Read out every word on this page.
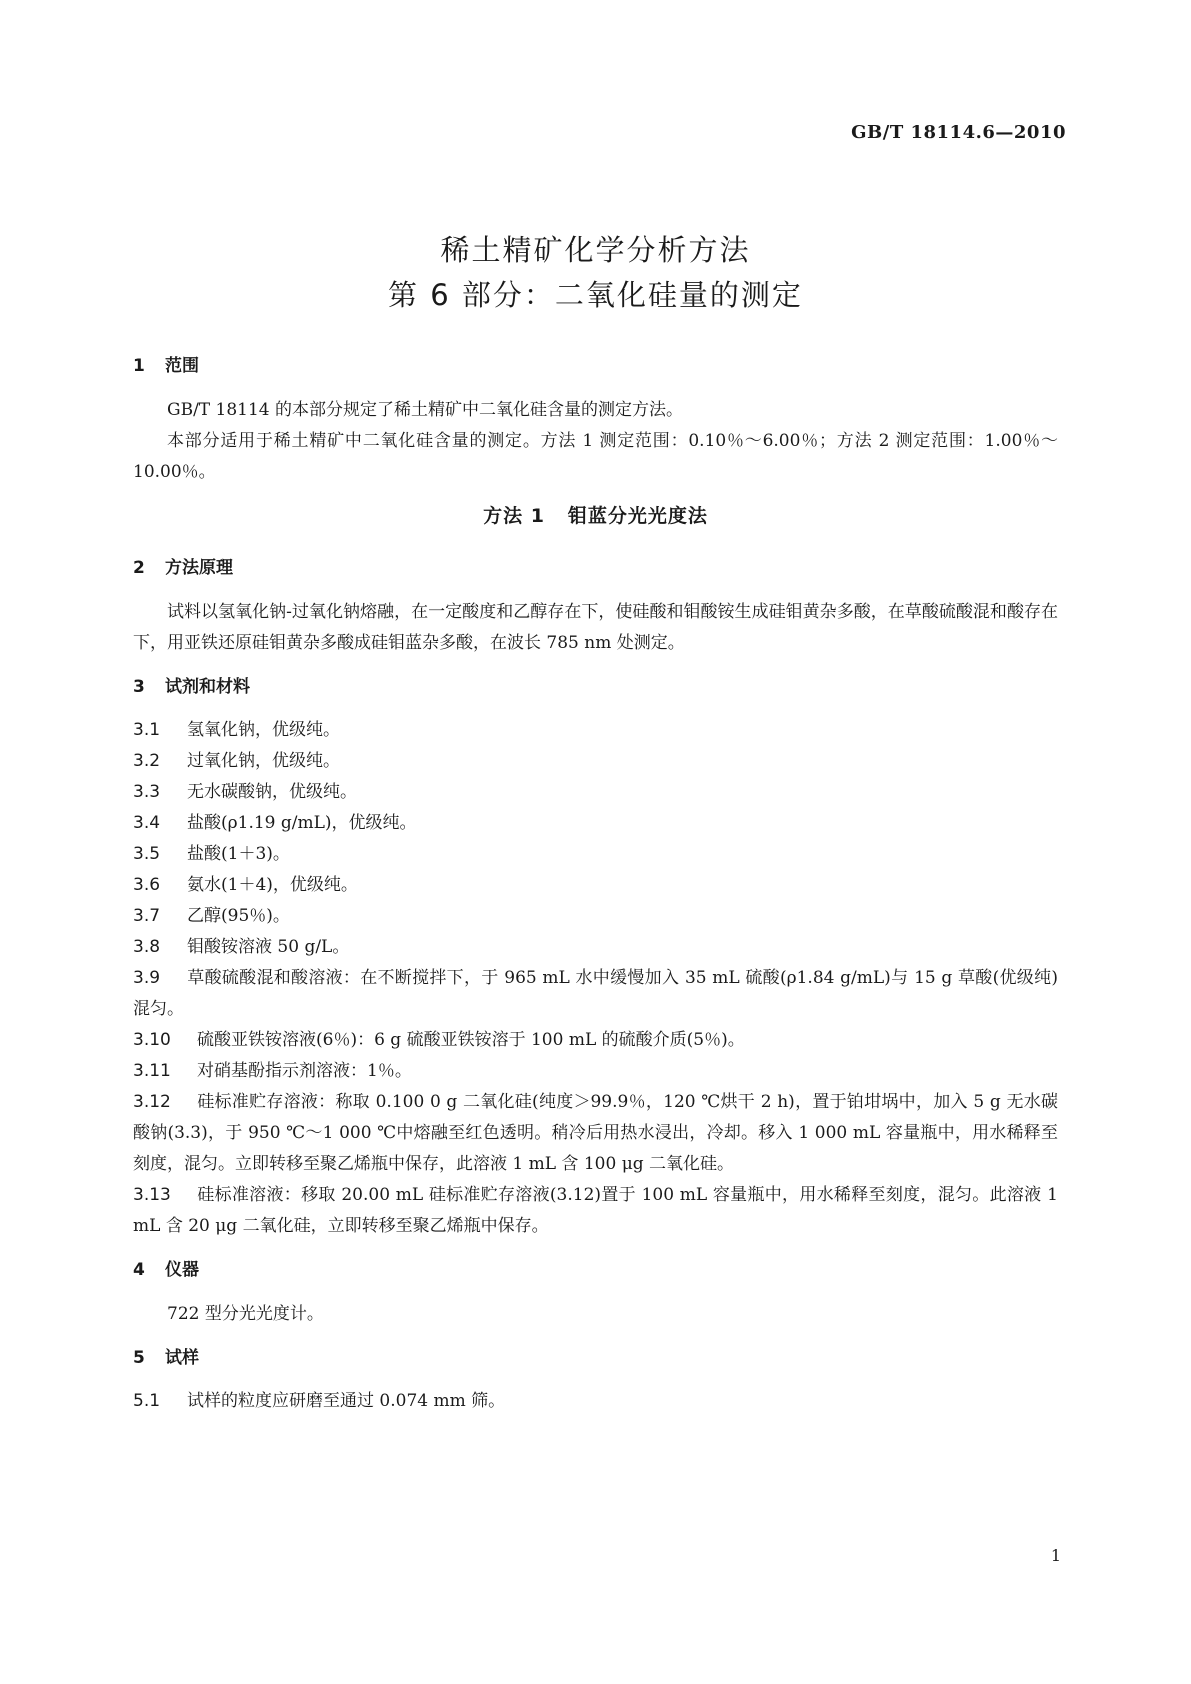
GB/T 18114.6—2010
稀土精矿化学分析方法
第 6 部分：二氧化硅量的测定

1 范围

GB/T 18114 的本部分规定了稀土精矿中二氧化硅含量的测定方法。

本部分适用于稀土精矿中二氧化硅含量的测定。方法 1 测定范围：0.10％～6.00％；方法 2 测定范围：1.00％～10.00％。

方法 1   钼蓝分光光度法

2 方法原理

试料以氢氧化钠-过氧化钠熔融，在一定酸度和乙醇存在下，使硅酸和钼酸铵生成硅钼黄杂多酸，在草酸硫酸混和酸存在下，用亚铁还原硅钼黄杂多酸成硅钼蓝杂多酸，在波长 785 nm 处测定。

3 试剂和材料

3.1 氢氧化钠，优级纯。

3.2 过氧化钠，优级纯。

3.3 无水碳酸钠，优级纯。

3.4 盐酸(ρ1.19 g/mL)，优级纯。

3.5 盐酸(1＋3)。

3.6 氨水(1＋4)，优级纯。

3.7 乙醇(95％)。

3.8 钼酸铵溶液 50 g/L。

3.9 草酸硫酸混和酸溶液：在不断搅拌下，于 965 mL 水中缓慢加入 35 mL 硫酸(ρ1.84 g/mL)与 15 g 草酸(优级纯)混匀。

3.10 硫酸亚铁铵溶液(6％)：6 g 硫酸亚铁铵溶于 100 mL 的硫酸介质(5％)。

3.11 对硝基酚指示剂溶液：1％。

3.12 硅标准贮存溶液：称取 0.100 0 g 二氧化硅(纯度＞99.9％，120 ℃烘干 2 h)，置于铂坩埚中，加入 5 g 无水碳酸钠(3.3)，于 950 ℃～1 000 ℃中熔融至红色透明。稍冷后用热水浸出，冷却。移入 1 000 mL 容量瓶中，用水稀释至刻度，混匀。立即转移至聚乙烯瓶中保存，此溶液 1 mL 含 100 μg 二氧化硅。

3.13 硅标准溶液：移取 20.00 mL 硅标准贮存溶液(3.12)置于 100 mL 容量瓶中，用水稀释至刻度，混匀。此溶液 1 mL 含 20 μg 二氧化硅，立即转移至聚乙烯瓶中保存。

4 仪器

722 型分光光度计。

5 试样

5.1 试样的粒度应研磨至通过 0.074 mm 筛。

1
